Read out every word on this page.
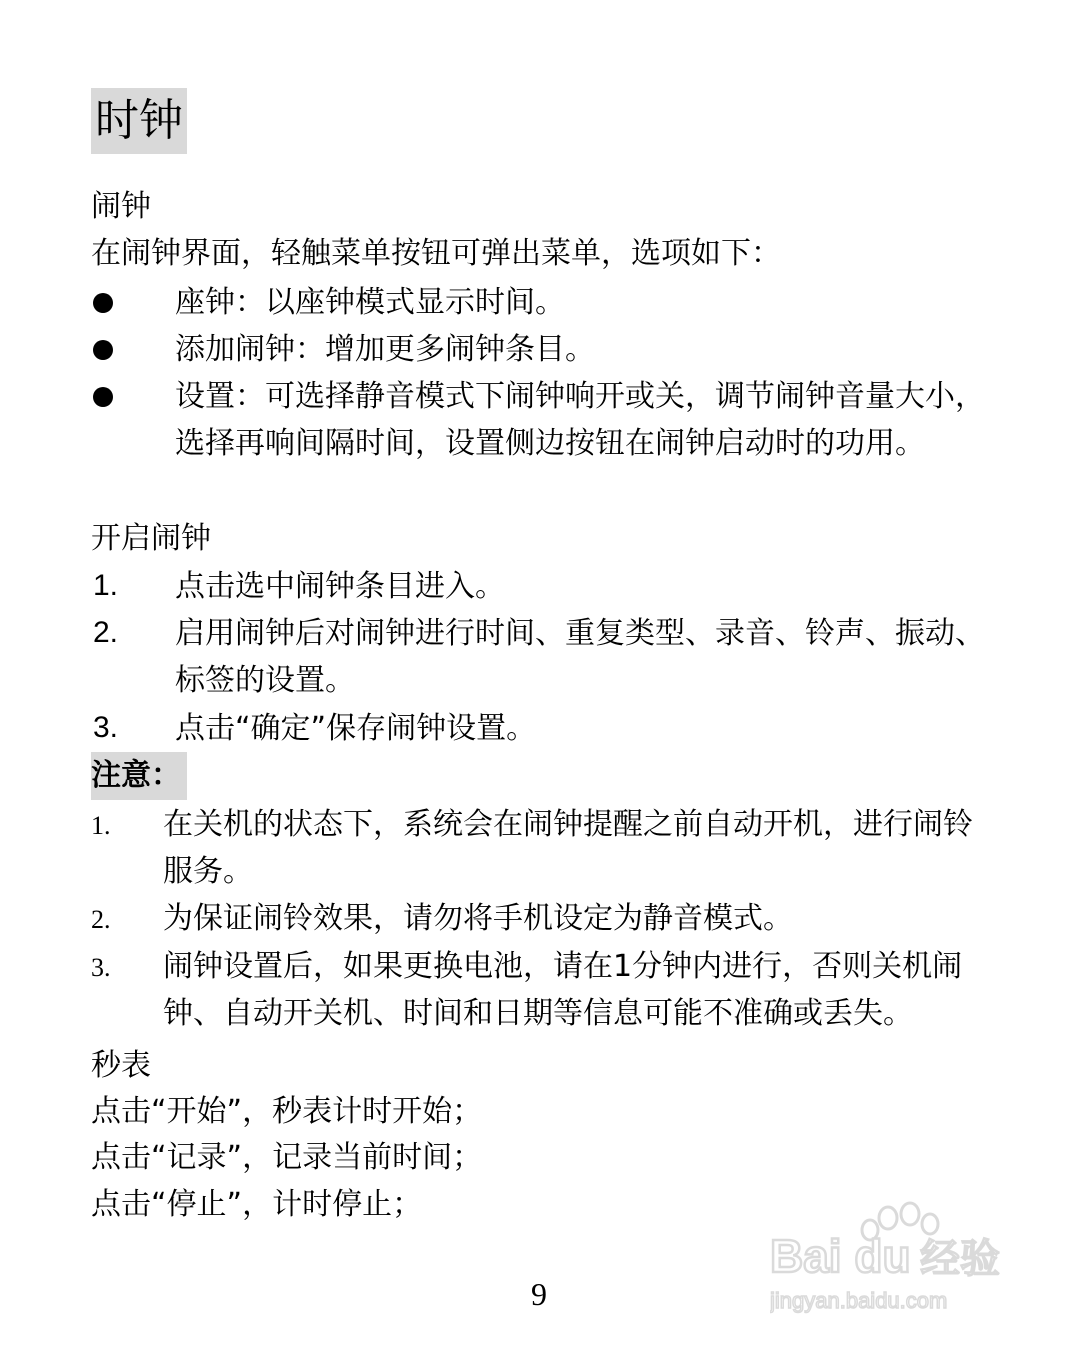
时钟
闹钟
在闹钟界面，轻触菜单按钮可弹出菜单，选项如下：
座钟：以座钟模式显示时间。
添加闹钟：增加更多闹钟条目。
设置：可选择静音模式下闹钟响开或关，调节闹钟音量大小，选择再响间隔时间，设置侧边按钮在闹钟启动时的功用。
开启闹钟
1. 点击选中闹钟条目进入。
2. 启用闹钟后对闹钟进行时间、重复类型、录音、铃声、振动、标签的设置。
3. 点击“确定”保存闹钟设置。
注意：
1. 在关机的状态下，系统会在闹钟提醒之前自动开机，进行闹铃服务。
2. 为保证闹铃效果，请勿将手机设定为静音模式。
3. 闹钟设置后，如果更换电池，请在1分钟内进行，否则关机闹钟、自动开关机、时间和日期等信息可能不准确或丢失。
秒表
点击“开始”，秒表计时开始；
点击“记录”，记录当前时间；
点击“停止”，计时停止；
9
Bai du 经验
jingyan.baidu.com
